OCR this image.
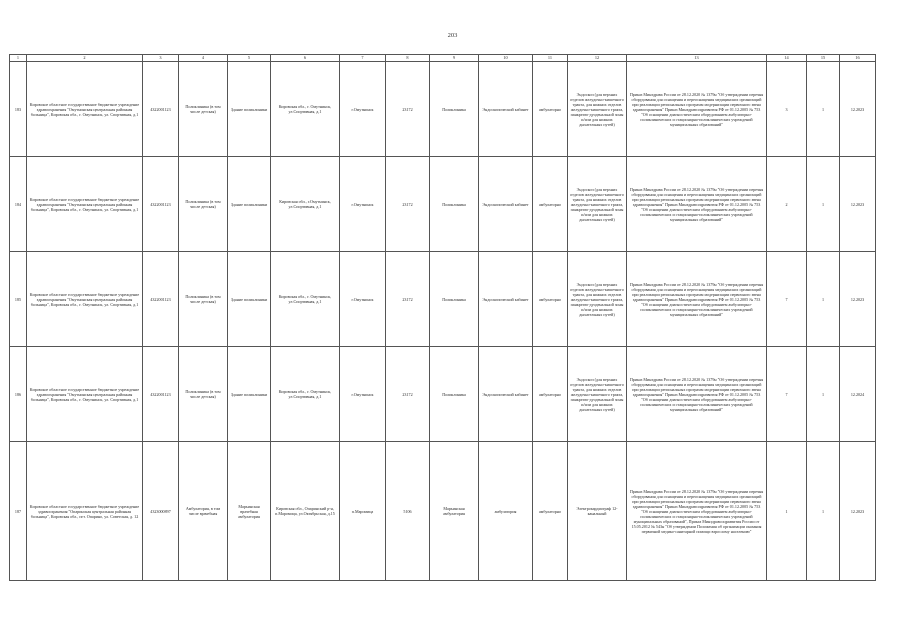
203
1	2	3	4	5	6	7	8	9	10	11	12	13	14	15	16
183	Кировское областное государственное бюджетное учреждение здравоохранения "Омутнинская центральная районная больница", Кировская обл., г. Омутнинск, ул. Спортивная, д.1	4322001123	Поликлиника (в том числе детская)	Здание поликлиники	Кировская обл., г. Омутнинск, ул.Спортивная, д.1	г.Омутнинск	23172	Поликлиника	Эндоскопический кабинет	амбулаторно	Эндоскоп (для верхних отделов желудочно-кишечного тракта, для нижних отделов желудочно-кишечного тракта, панкреато-дуоденальной зоны и/или для нижних дыхательных путей)	Приказ Минздрава России от 28.12.2020 № 1379н "Об утверждении перечня оборудования для оснащения и переоснащения медицинских организаций при реализации региональных программ модернизации первичного звена здравоохранения" Приказ Минздравсоцразвития РФ от 01.12.2005 № 753 "Об оснащении диагностическим оборудованием амбулаторно-поликлинических и стационарно-поликлинических учреждений муниципальных образований"	3	1	12.2023
184	Кировское областное государственное бюджетное учреждение здравоохранения "Омутнинская центральная районная больница", Кировская обл., г. Омутнинск, ул. Спортивная, д.1	4322001123	Поликлиника (в том числе детская)	Здание поликлиники	Кировская обл., г.Омутнинск, ул.Спортивная, д.1	г.Омутнинск	23172	Поликлиника	Эндоскопический кабинет	амбулаторно	Эндоскоп (для верхних отделов желудочно-кишечного тракта, для нижних отделов желудочно-кишечного тракта, панкреато-дуоденальной зоны и/или для нижних дыхательных путей)	Приказ Минздрава России от 28.12.2020 № 1379н "Об утверждении перечня оборудования для оснащения и переоснащения медицинских организаций при реализации региональных программ модернизации первичного звена здравоохранения" Приказ Минздравсоцразвития РФ от 01.12.2005 № 753 "Об оснащении диагностическим оборудованием амбулаторно-поликлинических и стационарно-поликлинических учреждений муниципальных образований"	2	1	12.2023
185	Кировское областное государственное бюджетное учреждение здравоохранения "Омутнинская центральная районная больница", Кировская обл., г. Омутнинск, ул. Спортивная, д.1	4322001123	Поликлиника (в том числе детская)	Здание поликлиники	Кировская обл., г. Омутнинск, ул.Спортивная, д.1	г.Омутнинск	23172	Поликлиника	Эндоскопический кабинет	амбулаторно	Эндоскоп (для верхних отделов желудочно-кишечного тракта, для нижних отделов желудочно-кишечного тракта, панкреато-дуоденальной зоны и/или для нижних дыхательных путей)	Приказ Минздрава России от 28.12.2020 № 1379н "Об утверждении перечня оборудования для оснащения и переоснащения медицинских организаций при реализации региональных программ модернизации первичного звена здравоохранения" Приказ Минздравсоцразвития РФ от 01.12.2005 № 753 "Об оснащении диагностическим оборудованием амбулаторно-поликлинических и стационарно-поликлинических учреждений муниципальных образований"	7	1	12.2023
186	Кировское областное государственное бюджетное учреждение здравоохранения "Омутнинская центральная районная больница", Кировская обл., г. Омутнинск, ул. Спортивная, д.1	4322001123	Поликлиника (в том числе детская)	Здание поликлиники	Кировская обл., г. Омутнинск, ул.Спортивная, д.1	г.Омутнинск	23172	Поликлиника	Эндоскопический кабинет	амбулаторно	Эндоскоп (для верхних отделов желудочно-кишечного тракта, для нижних отделов желудочно-кишечного тракта, панкреато-дуоденальной зоны и/или для нижних дыхательных путей)	Приказ Минздрава России от 28.12.2020 № 1379н "Об утверждении перечня оборудования для оснащения и переоснащения медицинских организаций при реализации региональных программ модернизации первичного звена здравоохранения" Приказ Минздравсоцразвития РФ от 01.12.2005 № 753 "Об оснащении диагностическим оборудованием амбулаторно-поликлинических и стационарно-поликлинических учреждений муниципальных образований"	7	1	12.2024
187	Кировское областное государственное бюджетное учреждение здравоохранения "Опаринская центральная районная больница", Кировская обл., пгт. Опарино, ул. Советская, д. 12	4323000897	Амбулатория, в том числе врачебная	Марьинская врачебная амбулатория	Кировская обл., Опаринский р-н, п.Маромица, ул.Октябрьская, д.15	п.Маромица	5106	Марьинская амбулатория	амбулатория	амбулаторно	Электрокардиограф 12-канальный	Приказ Минздрава России от 28.12.2020 № 1379н "Об утверждении перечня оборудования для оснащения и переоснащения медицинских организаций при реализации региональных программ модернизации первичного звена здравоохранения" Приказ Минздравсоцразвития РФ от 01.12.2005 № 753 "Об оснащении диагностическим оборудованием амбулаторно-поликлинических и стационарно-поликлинических учреждений муниципальных образований", Приказ Минздравсоцразвития России от 15.05.2012 № 543н "Об утверждении Положения об организации оказания первичной медико-санитарной помощи взрослому населению"	1	1	12.2023
